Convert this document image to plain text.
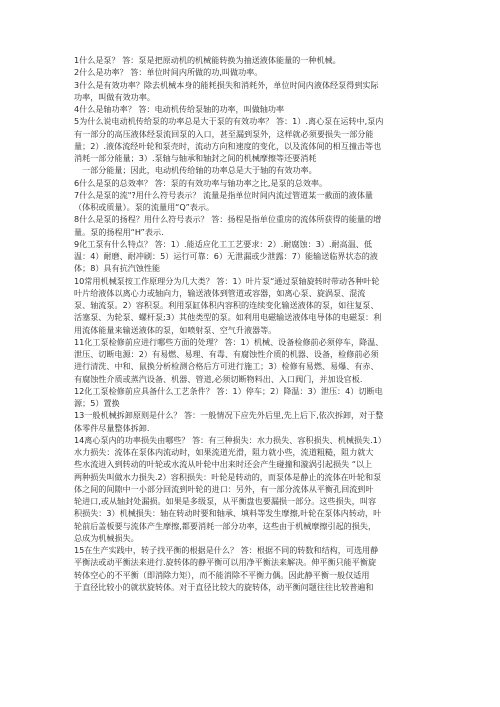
1什么是泵？ 答：泵是把原动机的机械能转换为抽送液体能量的一种机械。
2什么是功率？ 答：单位时间内所做的功,叫做功率。
3什么是有效功率？除去机械本身的能耗损失和消耗外，单位时间内液体经泵得到实际
功率，叫做有效功率。
4什么是轴功率？ 答：电动机传给泵轴的功率，叫做轴功率
5为什么说电动机传给泵的功率总是大于泵的有效功率？ 答：1）.离心泵在运转中,泵内
有一部分的高压液体经泵流回泵的入口，甚至漏到泵外，这样就必须要损失一部分能
量；2）.液体流经叶轮和泵壳时，流动方向和速度的变化，以及流体间的相互撞击等也
消耗一部分能量；3）.泵轴与轴承和轴封之间的机械摩擦等还要消耗
一部分能量；因此，电动机传给轴的功率总是大于轴的有效功率。
6什么是泵的总效率？ 答：泵的有效功率与轴功率之比,是泵的总效率。
7什么是泵的流"?用什么符号表示？ 流量是指单位时间内流过管道某一截面的液体量
（体积或质量）。泵的流量用“Q”表示。
8什么是泵的扬程？用什么符号表示？ 答：扬程是指单位重房的流体所获得的能量的增
量。泵的扬程用“H”表示.
9化工泵有什么特点？ 答：1）.能适应化工工艺要求：2）.耐腐蚀：3）.耐高温、低
温：4）耐磨、耐冲刷：5）运行可靠：6）无泄漏或少泄露：7）能输送临界状态的液
体；8）具有抗汽蚀性能
10常用机械泵按工作原理分为几大类？ 答：1）叶片泵“通过泵轴旋转时带动各种叶轮
叶片给液体以离心力或轴向力，输送液体到管道或容器，如离心泵、旋涡泵、混流
泵、轴流泵。2）容积泵。利用泵缸体积内容积的连续变化输送液体的泵，如往复泵、
活塞泵、为轮泵、螺杆泵;3）其他类型的泵。如利用电磁输送液体电导体的电磁泵：利
用流体能量来输送液体的泵，如喷射泵、空气升液器等。
11化工泵检修前应进行哪些方面的处理？ 答：1）机械、设备检修前必须停车，降温、
泄压、切断电源：2）有易燃、易理、有毒、有腐蚀性介质的机器、设备，检修前必须
进行清洗、中和、鼠换分析检测合格后方可进行施工；3）检修有易燃、易爆、有赤、
有腐蚀性介质或蒸汽设备、机器、管道,必须切断物料出、入口阀门，并加设官板.
12化工泵检修前应具备什么工艺条件？ 答：1）停车；2）降温：3）泄压：4）切断电
源；5）置换
13一般机械拆卸原则是什么？ 答：一般情况下应先外后里,先上后下,依次拆卸，对于整
体零件尽量整体拆卸.
14离心泵内的功率损失由哪些？ 答：有三种损失：水力损失、容积损失、机械损失.1）
水力损失：流体在泵体内流动时，如果流道光滑，阻力就小些，流道粗糙，阻力就大
些水流进入到转动的叶轮或水流从叶轮中出来时还会产生碰撞和漩涡引起损失 “以上
两种损失叫做水力损失.2）容积损失：叶轮是转动的，而泵体是静止的流体在叶轮和泵
体之间的间隙中一小部分回流到叶轮的进口：另外，有一部分流体从平衡孔回流到叶
轮进口,或从轴封处漏损。如果是多级泵，从平衡盘也要漏损一部分。这些损失，叫容
积损失：3）机械损失：轴在转动时要和轴承、填料等发生摩擦,叶轮在泵体内转动，叶
轮前后盖板要与流体产生摩擦,都要消耗一部分功率，这些由于机械摩擦引起的损失，
总成为机械损失。
15在生产实践中，转子找平衡的根据是什么？ 答：根据不同的转数和结构，可选用静
平衡法或动平衡法来进行.旋转体的静平衡可以用净平衡法来解决。伸平衡只能平衡旋
转体空心的不平衡（即消除力矩），而不能消除不平衡力偶。因此静平衡一般仅适用
于直径比较小的就状旋转体。对于直径比较大的旋转体，动平衡问题往往比较普遍和
